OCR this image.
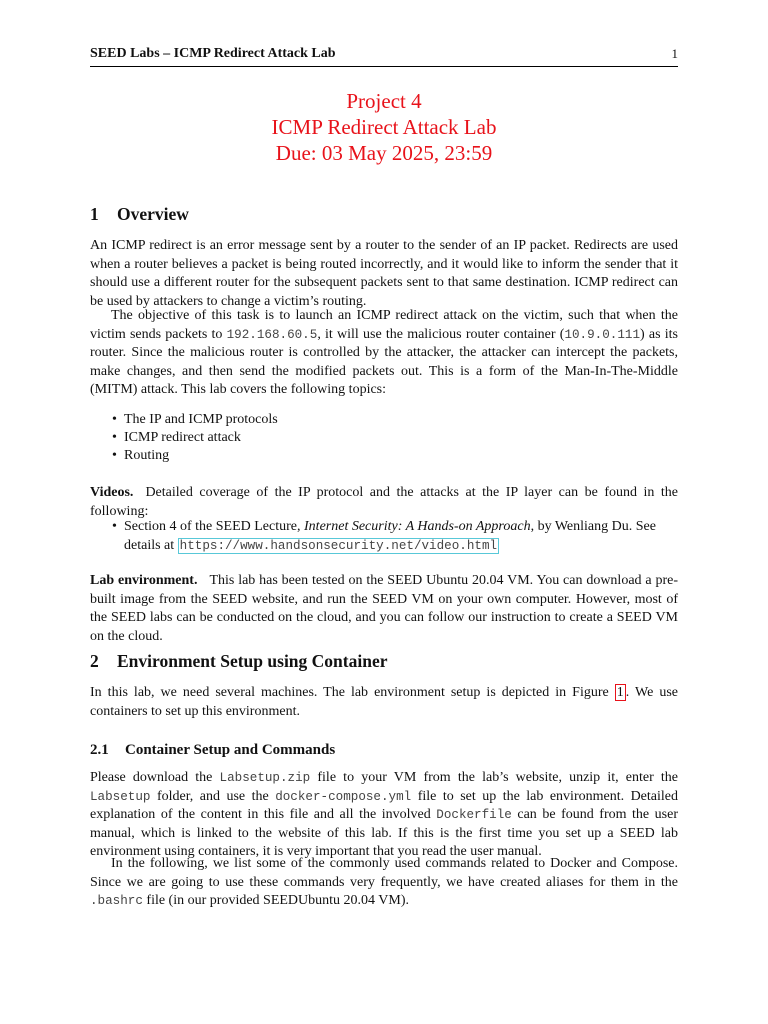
SEED Labs – ICMP Redirect Attack Lab	1
Project 4
ICMP Redirect Attack Lab
Due: 03 May 2025, 23:59
1 Overview
An ICMP redirect is an error message sent by a router to the sender of an IP packet. Redirects are used when a router believes a packet is being routed incorrectly, and it would like to inform the sender that it should use a different router for the subsequent packets sent to that same destination. ICMP redirect can be used by attackers to change a victim’s routing.
The objective of this task is to launch an ICMP redirect attack on the victim, such that when the victim sends packets to 192.168.60.5, it will use the malicious router container (10.9.0.111) as its router. Since the malicious router is controlled by the attacker, the attacker can intercept the packets, make changes, and then send the modified packets out. This is a form of the Man-In-The-Middle (MITM) attack. This lab covers the following topics:
• The IP and ICMP protocols
• ICMP redirect attack
• Routing
Videos. Detailed coverage of the IP protocol and the attacks at the IP layer can be found in the following:
• Section 4 of the SEED Lecture, Internet Security: A Hands-on Approach, by Wenliang Du. See details at https://www.handsonsecurity.net/video.html
Lab environment. This lab has been tested on the SEED Ubuntu 20.04 VM. You can download a pre-built image from the SEED website, and run the SEED VM on your own computer. However, most of the SEED labs can be conducted on the cloud, and you can follow our instruction to create a SEED VM on the cloud.
2 Environment Setup using Container
In this lab, we need several machines. The lab environment setup is depicted in Figure 1 . We use containers to set up this environment.
2.1 Container Setup and Commands
Please download the Labsetup.zip file to your VM from the lab’s website, unzip it, enter the Labsetup folder, and use the docker-compose.yml file to set up the lab environment. Detailed explanation of the content in this file and all the involved Dockerfile can be found from the user manual, which is linked to the website of this lab. If this is the first time you set up a SEED lab environment using containers, it is very important that you read the user manual.
In the following, we list some of the commonly used commands related to Docker and Compose. Since we are going to use these commands very frequently, we have created aliases for them in the .bashrc file (in our provided SEEDUbuntu 20.04 VM).
